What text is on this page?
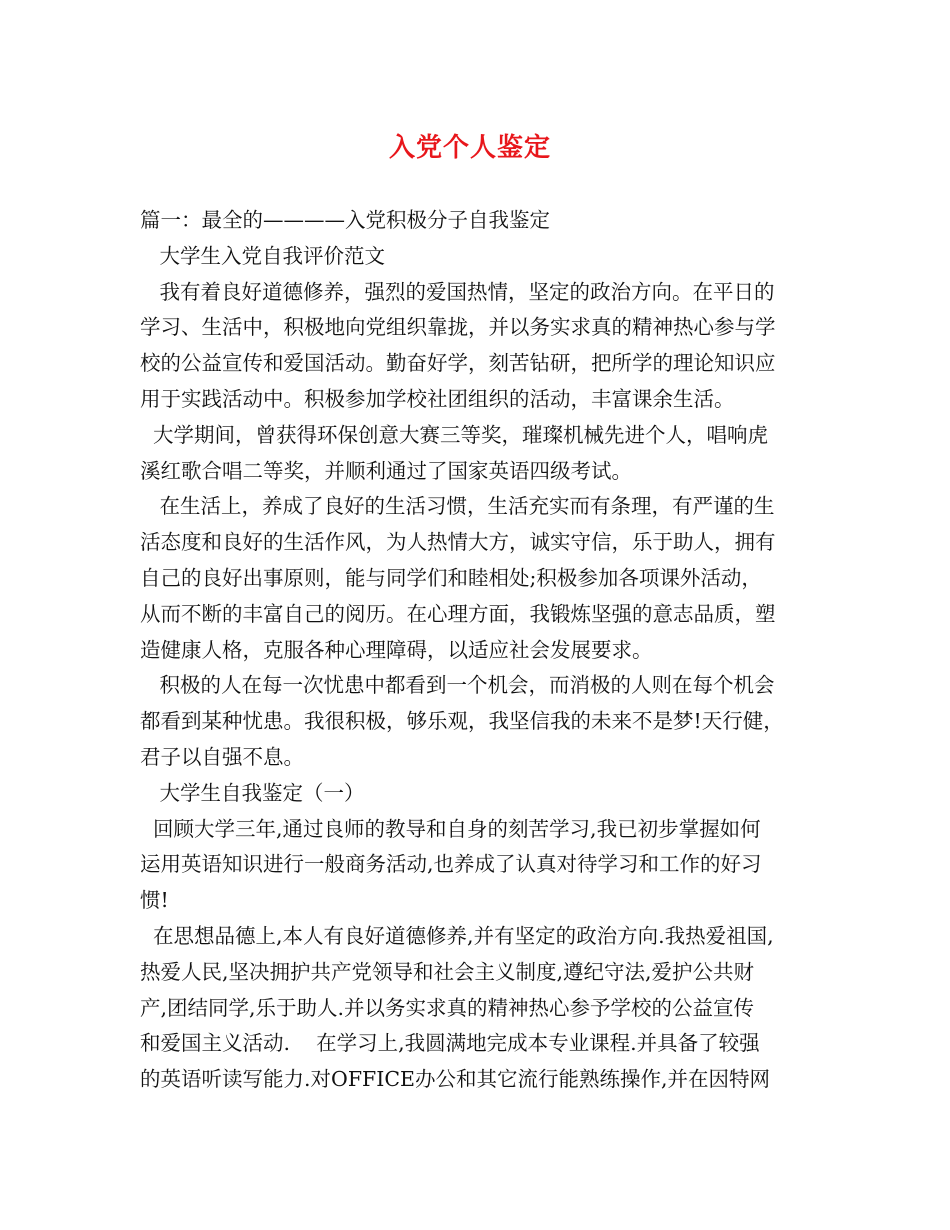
入党个人鉴定
篇一：最全的————入党积极分子自我鉴定
大学生入党自我评价范文
我有着良好道德修养，强烈的爱国热情，坚定的政治方向。在平日的
学习、生活中，积极地向党组织靠拢，并以务实求真的精神热心参与学
校的公益宣传和爱国活动。勤奋好学，刻苦钻研，把所学的理论知识应
用于实践活动中。积极参加学校社团组织的活动，丰富课余生活。
大学期间，曾获得环保创意大赛三等奖，璀璨机械先进个人，唱响虎
溪红歌合唱二等奖，并顺利通过了国家英语四级考试。
在生活上，养成了良好的生活习惯，生活充实而有条理，有严谨的生
活态度和良好的生活作风，为人热情大方，诚实守信，乐于助人，拥有
自己的良好出事原则，能与同学们和睦相处;积极参加各项课外活动，
从而不断的丰富自己的阅历。在心理方面，我锻炼坚强的意志品质，塑
造健康人格，克服各种心理障碍，以适应社会发展要求。
积极的人在每一次忧患中都看到一个机会，而消极的人则在每个机会
都看到某种忧患。我很积极，够乐观，我坚信我的未来不是梦!天行健，
君子以自强不息。
大学生自我鉴定（一）
回顾大学三年,通过良师的教导和自身的刻苦学习,我已初步掌握如何
运用英语知识进行一般商务活动,也养成了认真对待学习和工作的好习
惯!
在思想品德上,本人有良好道德修养,并有坚定的政治方向.我热爱祖国,
热爱人民,坚决拥护共产党领导和社会主义制度,遵纪守法,爱护公共财
产,团结同学,乐于助人.并以务实求真的精神热心参予学校的公益宣传
和爱国主义活动.    在学习上,我圆满地完成本专业课程.并具备了较强
的英语听读写能力.对OFFICE办公和其它流行能熟练操作,并在因特网
